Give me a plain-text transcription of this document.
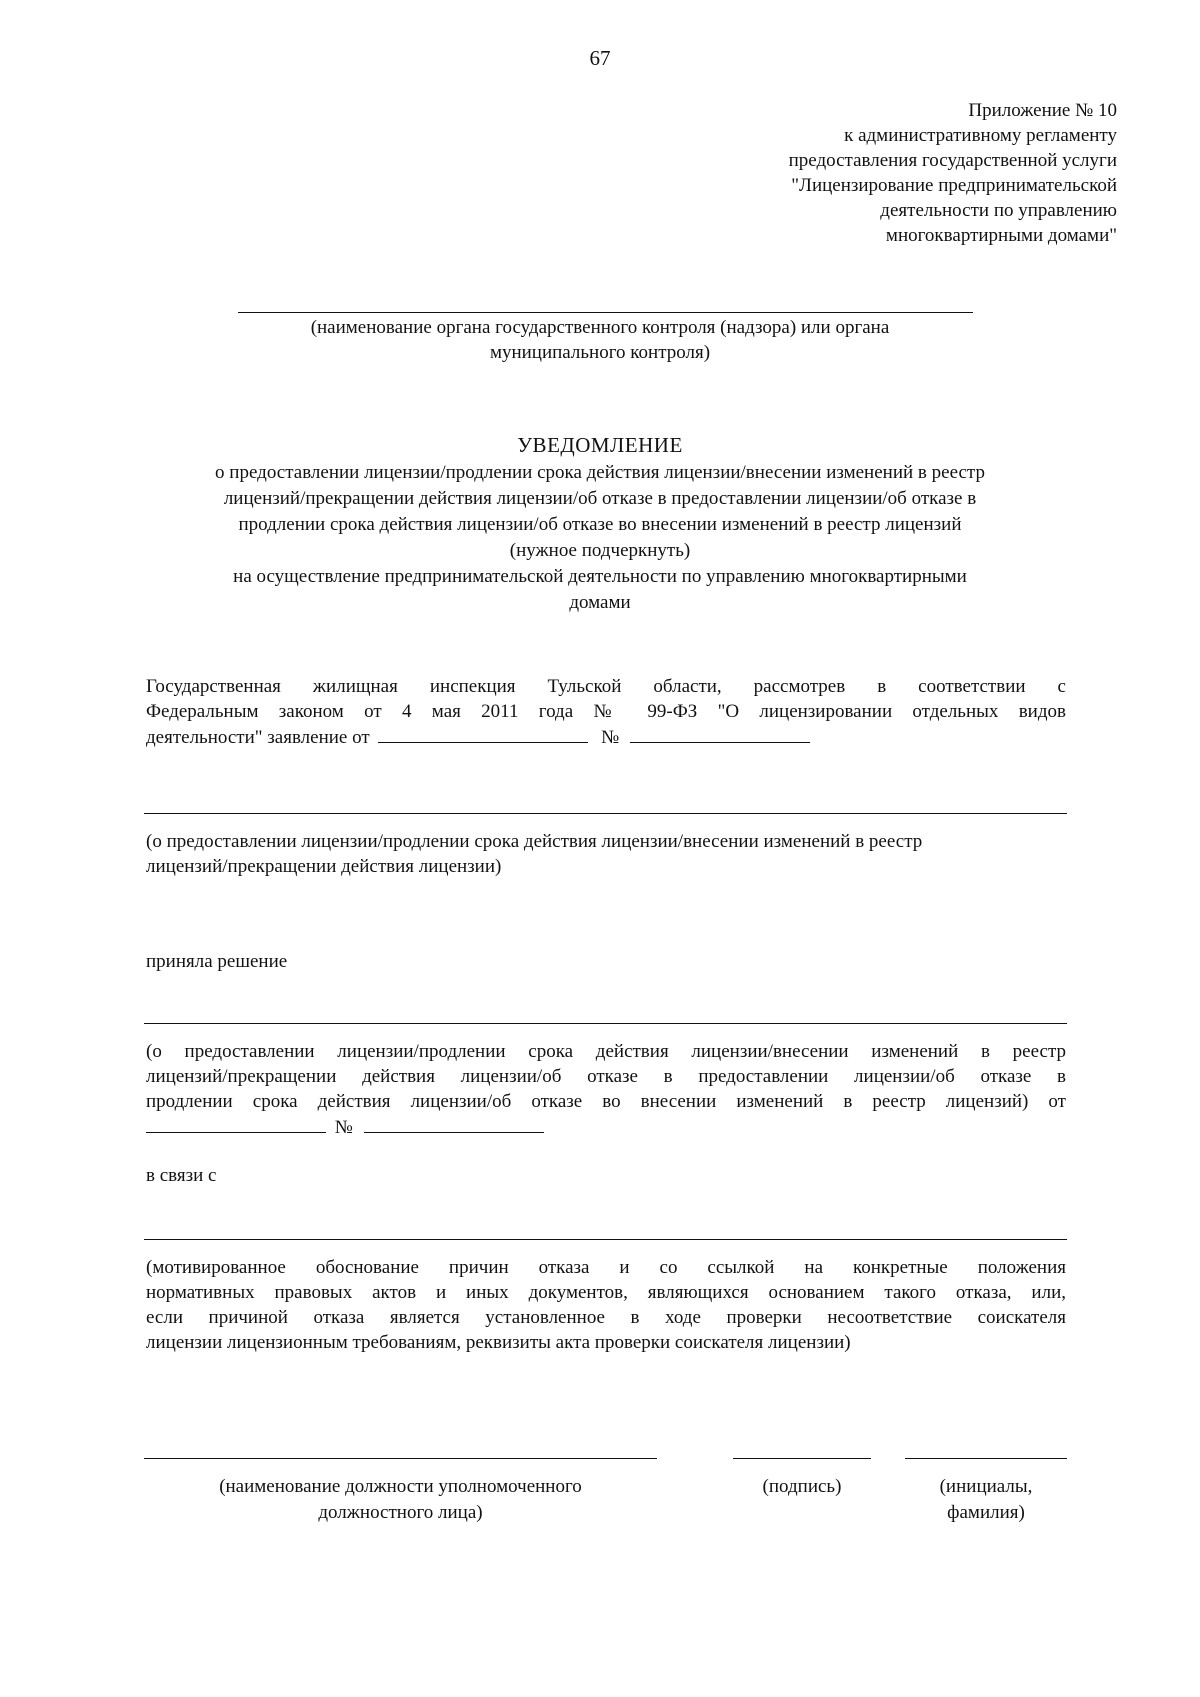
67
Приложение № 10
к административному регламенту
предоставления государственной услуги
"Лицензирование предпринимательской
деятельности по управлению
многоквартирными домами"
(наименование органа государственного контроля (надзора) или органа
муниципального контроля)
УВЕДОМЛЕНИЕ
о предоставлении лицензии/продлении срока действия лицензии/внесении изменений в реестр
лицензий/прекращении действия лицензии/об отказе в предоставлении лицензии/об отказе в
продлении срока действия лицензии/об отказе во внесении изменений в реестр лицензий
(нужное подчеркнуть)
на осуществление предпринимательской деятельности по управлению многоквартирными
домами
Государственная жилищная инспекция Тульской области, рассмотрев в соответствии с
Федеральным законом от 4 мая 2011 года № 99-ФЗ "О лицензировании отдельных видов
деятельности" заявление от	№
(о предоставлении лицензии/продлении срока действия лицензии/внесении изменений в реестр
лицензий/прекращении действия лицензии)
приняла решение
(о предоставлении лицензии/продлении срока действия лицензии/внесении изменений в реестр
лицензий/прекращении действия лицензии/об отказе в предоставлении лицензии/об отказе в
продлении срока действия лицензии/об отказе во внесении изменений в реестр лицензий) от
№
в связи с
(мотивированное обоснование причин отказа и со ссылкой на конкретные положения
нормативных правовых актов и иных документов, являющихся основанием такого отказа, или,
если причиной отказа является установленное в ходе проверки несоответствие соискателя
лицензии лицензионным требованиям, реквизиты акта проверки соискателя лицензии)
(наименование должности уполномоченного
должностного лица)
(подпись)	(инициалы,
фамилия)
